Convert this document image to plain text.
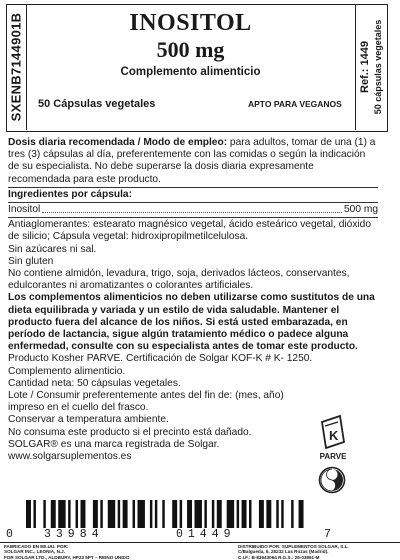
SXENB7144901B	Ref.: 1449 50 cápsulas vegetales
INOSITOL
500 mg
Complemento alimenticio
50 Cápsulas vegetales	APTO PARA VEGANOS

Dosis diaria recomendada / Modo de empleo: para adultos, tomar de una (1) a tres (3) cápsulas al día, preferentemente con las comidas o según la indicación de su especialista. No debe superarse la dosis diaria expresamente recomendada para este producto.

Ingredientes por cápsula:

Inositol	500 mg

Antiaglomerantes: estearato magnésico vegetal, ácido esteárico vegetal, dióxido de silicio; Cápsula vegetal: hidroxipropilmetilcelulosa.

Sin azúcares ni sal.

Sin gluten

No contiene almidón, levadura, trigo, soja, derivados lácteos, conservantes, edulcorantes ni aromatizantes o colorantes artificiales.

Los complementos alimenticios no deben utilizarse como sustitutos de una dieta equilibrada y variada y un estilo de vida saludable. Mantener el producto fuera del alcance de los niños. Si está usted embarazada, en período de lactancia, sigue algún tratamiento médico o padece alguna enfermedad, consulte con su especialista antes de tomar este producto.

Producto Kosher PARVE. Certificación de Solgar KOF-K # K- 1250.

Complemento alimenticio.

Cantidad neta: 50 cápsulas vegetales.

Lote / Consumir preferentemente antes del fin de: (mes, año) impreso en el cuello del frasco.

Conservar a temperatura ambiente.

No consuma este producto si el precinto está dañado.

SOLGAR® es una marca registrada de Solgar.

www.solgarsuplementos.es

K
PARVE
0	33984	01449	7
FABRICADO EN EE.UU. POR:
SOLGAR INC., LEONIA, N.J.
FOR SOLGAR LTD., ALDBURY, HP23 5PT – REINO UNIDO
DISTRIBUIDO POR: SUPLEMENTOS SOLGAR, S.L.
C/Balgueda, 6, 28232 Las Rozas (Madrid).
C.I.F.: B-83643064 R.G.S.: 26-03891-M
